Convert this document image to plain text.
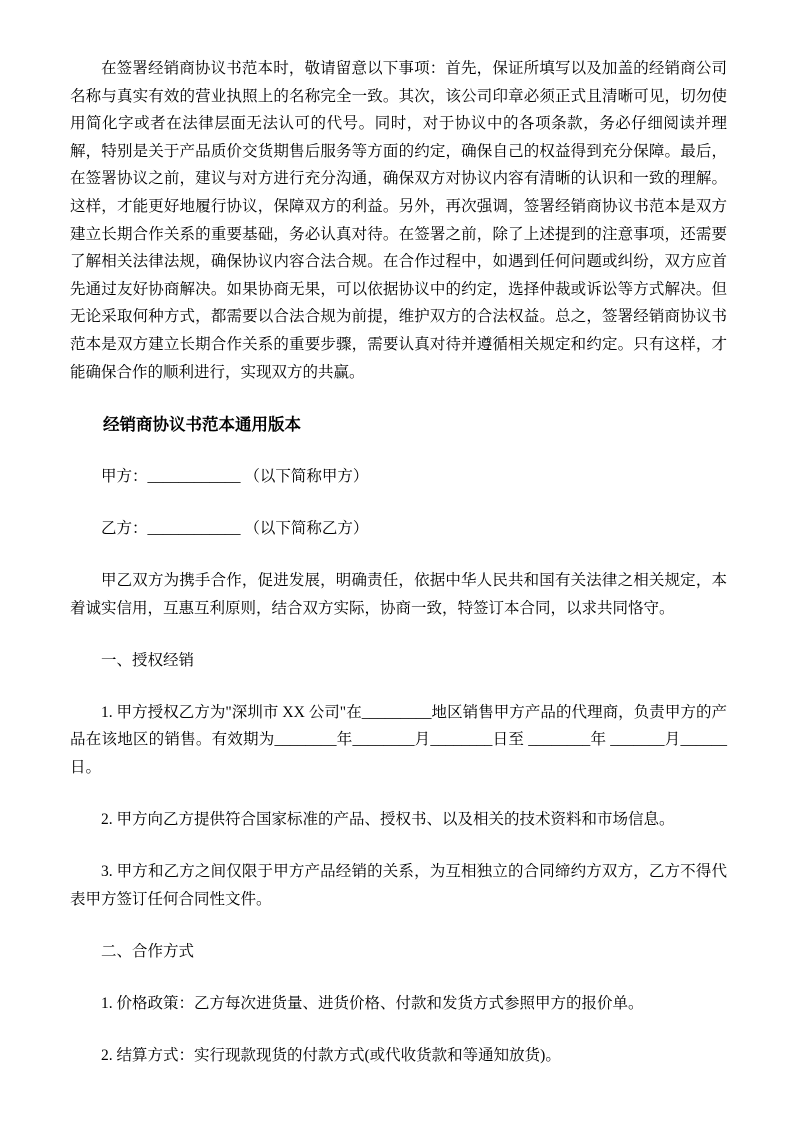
在签署经销商协议书范本时，敬请留意以下事项：首先，保证所填写以及加盖的经销商公司名称与真实有效的营业执照上的名称完全一致。其次，该公司印章必须正式且清晰可见，切勿使用简化字或者在法律层面无法认可的代号。同时，对于协议中的各项条款，务必仔细阅读并理解，特别是关于产品质价交货期售后服务等方面的约定，确保自己的权益得到充分保障。最后，在签署协议之前，建议与对方进行充分沟通，确保双方对协议内容有清晰的认识和一致的理解。这样，才能更好地履行协议，保障双方的利益。另外，再次强调，签署经销商协议书范本是双方建立长期合作关系的重要基础，务必认真对待。在签署之前，除了上述提到的注意事项，还需要了解相关法律法规，确保协议内容合法合规。在合作过程中，如遇到任何问题或纠纷，双方应首先通过友好协商解决。如果协商无果，可以依据协议中的约定，选择仲裁或诉讼等方式解决。但无论采取何种方式，都需要以合法合规为前提，维护双方的合法权益。总之，签署经销商协议书范本是双方建立长期合作关系的重要步骤，需要认真对待并遵循相关规定和约定。只有这样，才能确保合作的顺利进行，实现双方的共赢。

经销商协议书范本通用版本

甲方：____________ （以下简称甲方）

乙方：____________ （以下简称乙方）

甲乙双方为携手合作，促进发展，明确责任，依据中华人民共和国有关法律之相关规定，本着诚实信用，互惠互利原则，结合双方实际，协商一致，特签订本合同，以求共同恪守。

一、授权经销

1. 甲方授权乙方为"深圳市 XX 公司"在_________地区销售甲方产品的代理商，负责甲方的产品在该地区的销售。有效期为________年________月________日至 ________年 _______月______日。

2. 甲方向乙方提供符合国家标准的产品、授权书、以及相关的技术资料和市场信息。

3. 甲方和乙方之间仅限于甲方产品经销的关系，为互相独立的合同缔约方双方，乙方不得代表甲方签订任何合同性文件。

二、合作方式

1. 价格政策：乙方每次进货量、进货价格、付款和发货方式参照甲方的报价单。

2. 结算方式：实行现款现货的付款方式(或代收货款和等通知放货)。
